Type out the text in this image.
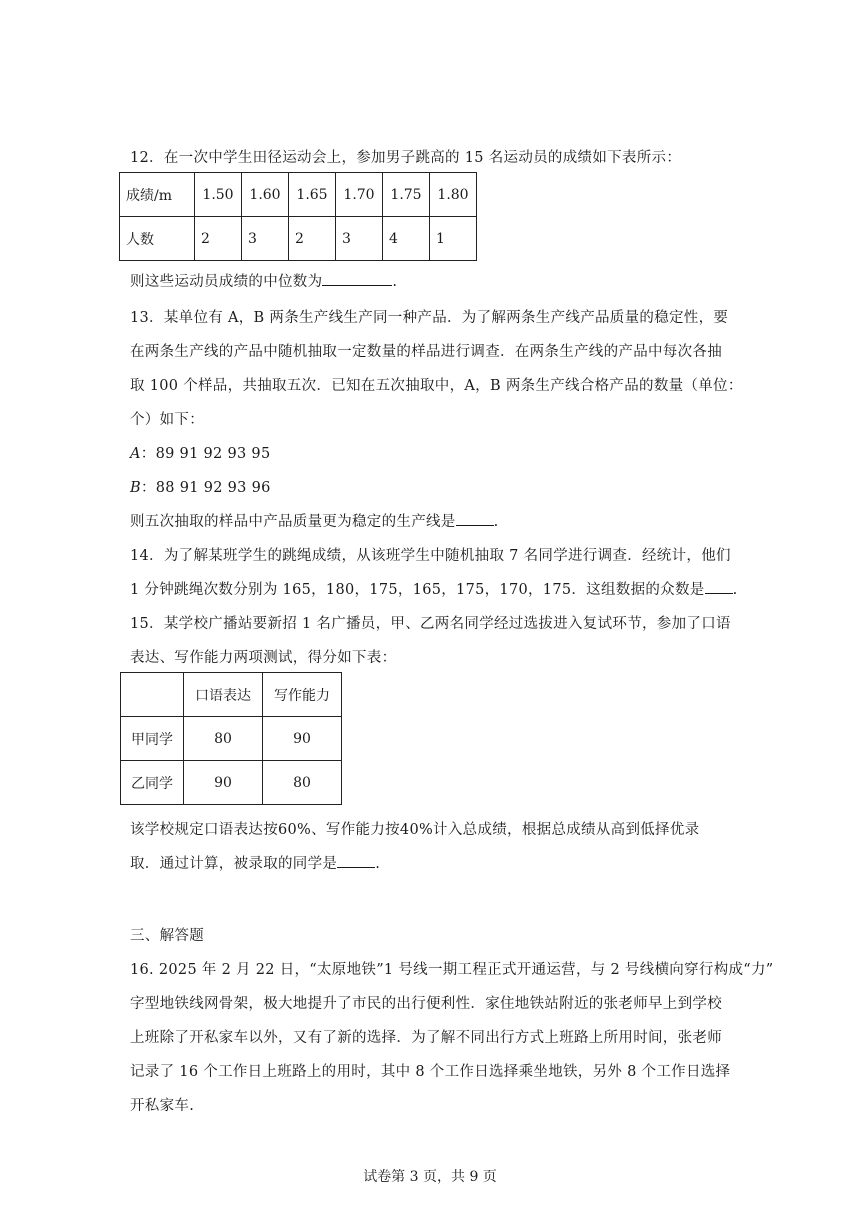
12．在一次中学生田径运动会上，参加男子跳高的 15 名运动员的成绩如下表所示：
成绩/m	1.50	1.60	1.65	1.70	1.75	1.80
人数	2	3	2	3	4	1
则这些运动员成绩的中位数为	.
13．某单位有 A，B 两条生产线生产同一种产品．为了解两条生产线产品质量的稳定性，要
在两条生产线的产品中随机抽取一定数量的样品进行调查．在两条生产线的产品中每次各抽
取 100 个样品，共抽取五次．已知在五次抽取中，A，B 两条生产线合格产品的数量（单位：
个）如下：
A：89 91 92 93 95
B：88 91 92 93 96
则五次抽取的样品中产品质量更为稳定的生产线是	.
14．为了解某班学生的跳绳成绩，从该班学生中随机抽取 7 名同学进行调查．经统计，他们
1 分钟跳绳次数分别为 165，180，175，165，175，170，175．这组数据的众数是 .
15．某学校广播站要新招 1 名广播员，甲、乙两名同学经过选拔进入复试环节，参加了口语
表达、写作能力两项测试，得分如下表：
	口语表达	写作能力
甲同学	80	90
乙同学	90	80
该学校规定口语表达按60%、写作能力按40%计入总成绩，根据总成绩从高到低择优录
取．通过计算，被录取的同学是	.
三、解答题
16. 2025 年 2 月 22 日，“太原地铁”1 号线一期工程正式开通运营，与 2 号线横向穿行构成“力”
字型地铁线网骨架，极大地提升了市民的出行便利性．家住地铁站附近的张老师早上到学校
上班除了开私家车以外，又有了新的选择．为了解不同出行方式上班路上所用时间，张老师
记录了 16 个工作日上班路上的用时，其中 8 个工作日选择乘坐地铁，另外 8 个工作日选择
开私家车.
试卷第 3 页，共 9 页
